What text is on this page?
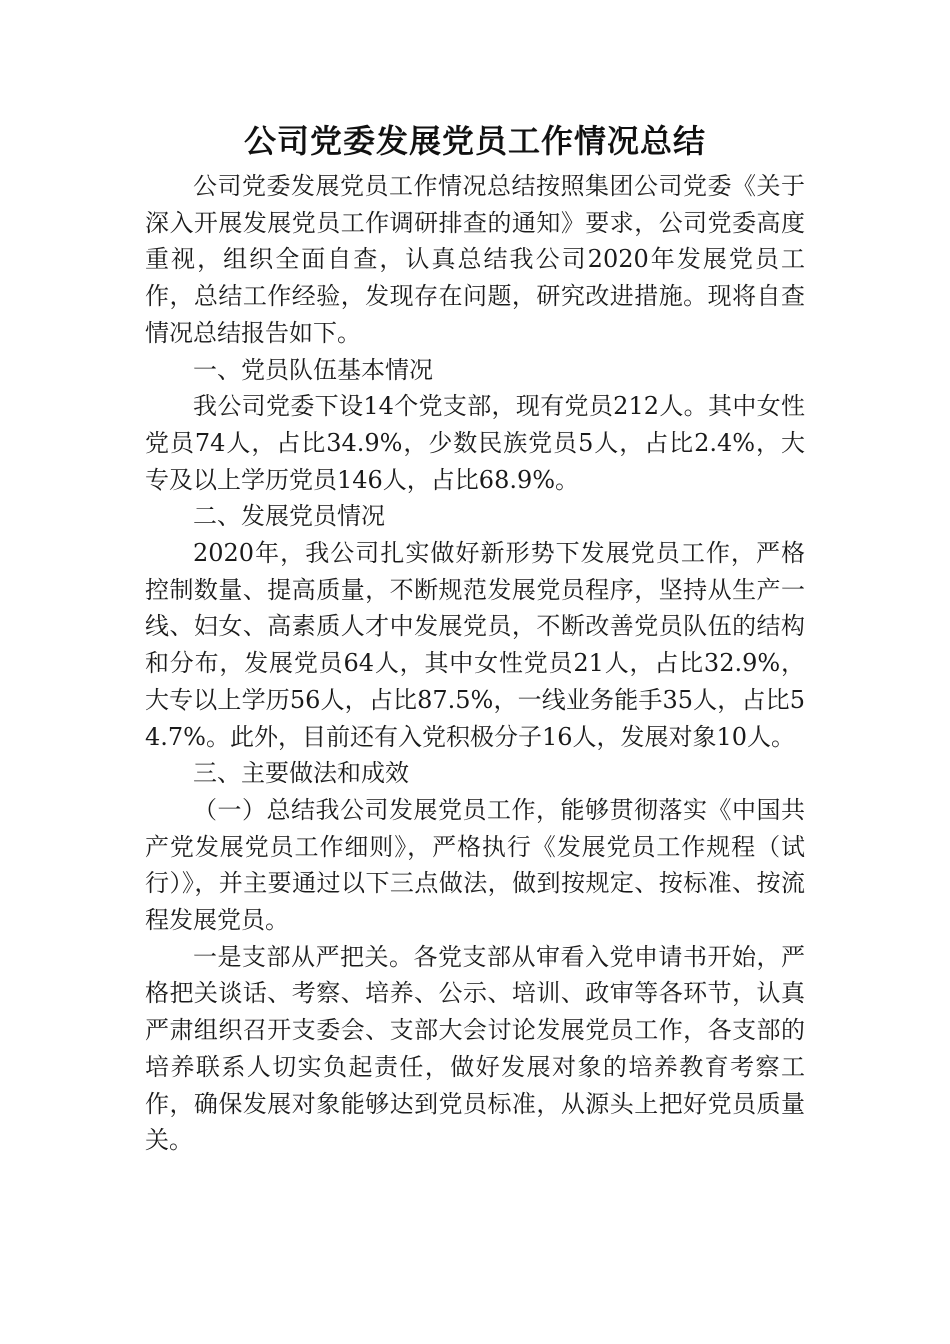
公司党委发展党员工作情况总结

公司党委发展党员工作情况总结按照集团公司党委《关于深入开展发展党员工作调研排查的通知》要求，公司党委高度重视，组织全面自查，认真总结我公司2020年发展党员工作，总结工作经验，发现存在问题，研究改进措施。现将自查情况总结报告如下。

一、党员队伍基本情况

我公司党委下设14个党支部，现有党员212人。其中女性党员74人，占比34.9%，少数民族党员5人，占比2.4%，大专及以上学历党员146人，占比68.9%。

二、发展党员情况

2020年，我公司扎实做好新形势下发展党员工作，严格控制数量、提高质量，不断规范发展党员程序，坚持从生产一线、妇女、高素质人才中发展党员，不断改善党员队伍的结构和分布，发展党员64人，其中女性党员21人，占比32.9%，大专以上学历56人，占比87.5%，一线业务能手35人，占比54.7%。此外，目前还有入党积极分子16人，发展对象10人。

三、主要做法和成效

（一）总结我公司发展党员工作，能够贯彻落实《中国共产党发展党员工作细则》，严格执行《发展党员工作规程（试行）》，并主要通过以下三点做法，做到按规定、按标准、按流程发展党员。

一是支部从严把关。各党支部从审看入党申请书开始，严格把关谈话、考察、培养、公示、培训、政审等各环节，认真严肃组织召开支委会、支部大会讨论发展党员工作，各支部的培养联系人切实负起责任，做好发展对象的培养教育考察工作，确保发展对象能够达到党员标准，从源头上把好党员质量关。
